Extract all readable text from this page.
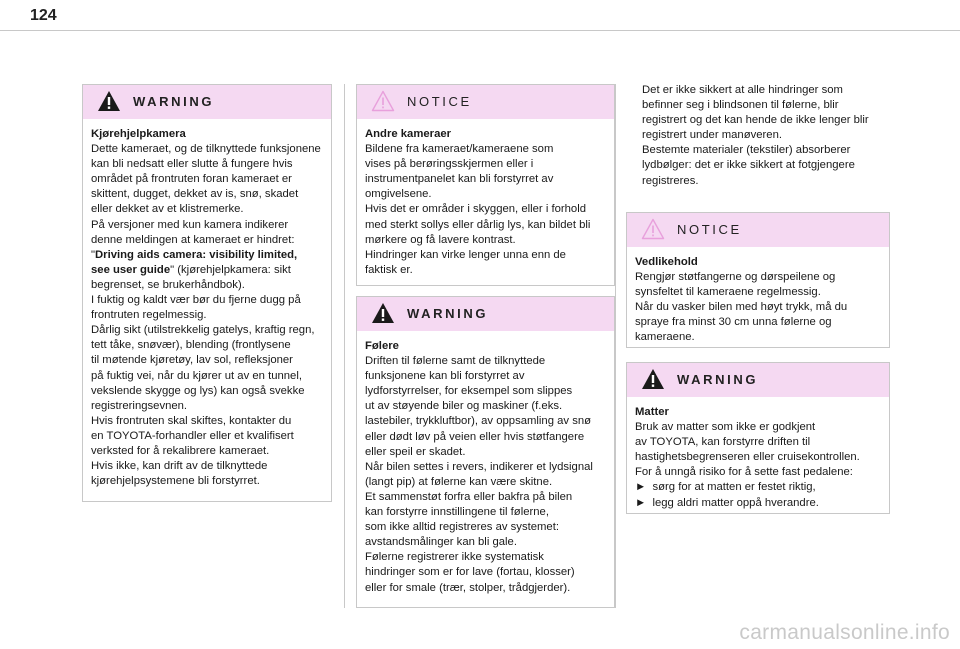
124
WARNING

Kjørehjelpkamera

Dette kameraet, og de tilknyttede funksjonene

kan bli nedsatt eller slutte å fungere hvis

området på frontruten foran kameraet er

skittent, dugget, dekket av is, snø, skadet

eller dekket av et klistremerke.

På versjoner med kun kamera indikerer

denne meldingen at kameraet er hindret:

"Driving aids camera: visibility limited,

see user guide" (kjørehjelpkamera: sikt

begrenset, se brukerhåndbok).

I fuktig og kaldt vær bør du fjerne dugg på

frontruten regelmessig.

Dårlig sikt (utilstrekkelig gatelys, kraftig regn,

tett tåke, snøvær), blending (frontlysene

til møtende kjøretøy, lav sol, refleksjoner

på fuktig vei, når du kjører ut av en tunnel,

vekslende skygge og lys) kan også svekke

registreringsevnen.

Hvis frontruten skal skiftes, kontakter du

en TOYOTA-forhandler eller et kvalifisert

verksted for å rekalibrere kameraet.

Hvis ikke, kan drift av de tilknyttede

kjørehjelpsystemene bli forstyrret.

NOTICE

Andre kameraer

Bildene fra kameraet/kameraene som

vises på berøringsskjermen eller i

instrumentpanelet kan bli forstyrret av

omgivelsene.

Hvis det er områder i skyggen, eller i forhold

med sterkt sollys eller dårlig lys, kan bildet bli

mørkere og få lavere kontrast.

Hindringer kan virke lenger unna enn de

faktisk er.

WARNING

Følere

Driften til følerne samt de tilknyttede

funksjonene kan bli forstyrret av

lydforstyrrelser, for eksempel som slippes

ut av støyende biler og maskiner (f.eks.

lastebiler, trykkluftbor), av oppsamling av snø

eller dødt løv på veien eller hvis støtfangere

eller speil er skadet.

Når bilen settes i revers, indikerer et lydsignal

(langt pip) at følerne kan være skitne.

Et sammenstøt forfra eller bakfra på bilen

kan forstyrre innstillingene til følerne,

som ikke alltid registreres av systemet:

avstandsmålinger kan bli gale.

Følerne registrerer ikke systematisk

hindringer som er for lave (fortau, klosser)

eller for smale (trær, stolper, trådgjerder).

Det er ikke sikkert at alle hindringer som

befinner seg i blindsonen til følerne, blir

registrert og det kan hende de ikke lenger blir

registrert under manøveren.

Bestemte materialer (tekstiler) absorberer

lydbølger: det er ikke sikkert at fotgjengere

registreres.

NOTICE

Vedlikehold

Rengjør støtfangerne og dørspeilene og

synsfeltet til kameraene regelmessig.

Når du vasker bilen med høyt trykk, må du

spraye fra minst 30 cm unna følerne og

kameraene.

WARNING

Matter

Bruk av matter som ikke er godkjent

av TOYOTA, kan forstyrre driften til

hastighetsbegrenseren eller cruisekontrollen.

For å unngå risiko for å sette fast pedalene:

► sørg for at matten er festet riktig,

► legg aldri matter oppå hverandre.

carmanualsonline.info
